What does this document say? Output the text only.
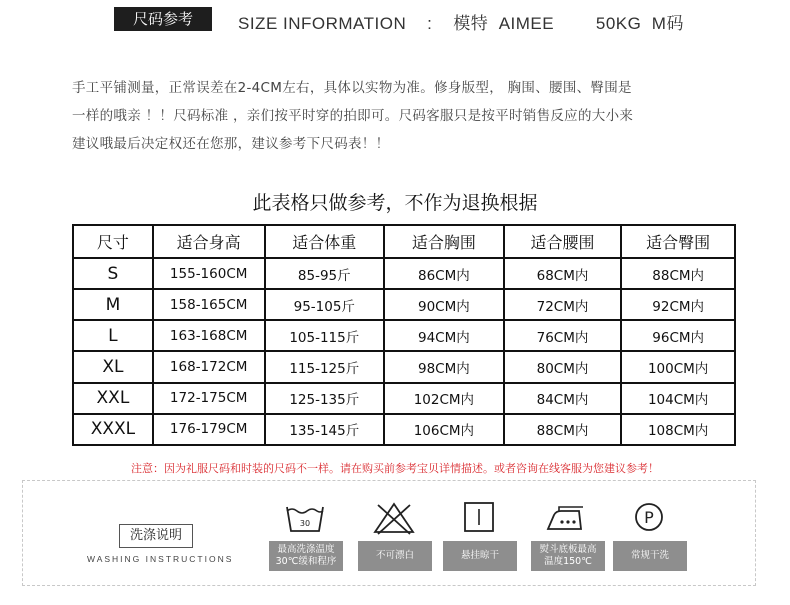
尺码参考	SIZE INFORMATION    :    模特  AIMEE        50KG  M码

手工平铺测量，正常误差在2-4CM左右，具体以实物为准。修身版型， 胸围、腰围、臀围是

一样的哦亲 ！！尺码标准 ，亲们按平时穿的拍即可。尺码客服只是按平时销售反应的大小来

建议哦最后决定权还在您那，建议参考下尺码表！！

此表格只做参考，不作为退换根据
尺寸	适合身高	适合体重	适合胸围	适合腰围	适合臀围
S	155-160CM	85-95斤	86CM内	68CM内	88CM内
M	158-165CM	95-105斤	90CM内	72CM内	92CM内
L	163-168CM	105-115斤	94CM内	76CM内	96CM内
XL	168-172CM	115-125斤	98CM内	80CM内	100CM内
XXL	172-175CM	125-135斤	102CM内	84CM内	104CM内
XXXL	176-179CM	135-145斤	106CM内	88CM内	108CM内
注意：因为礼服尺码和时装的尺码不一样。请在购买前参考宝贝详情描述。或者咨询在线客服为您建议参考！
洗涤说明
WASHING INSTRUCTIONS
30
最高洗涤温度
30℃缓和程序
不可漂白	悬挂晾干
熨斗底板最高
温度150℃
P
常规干洗
